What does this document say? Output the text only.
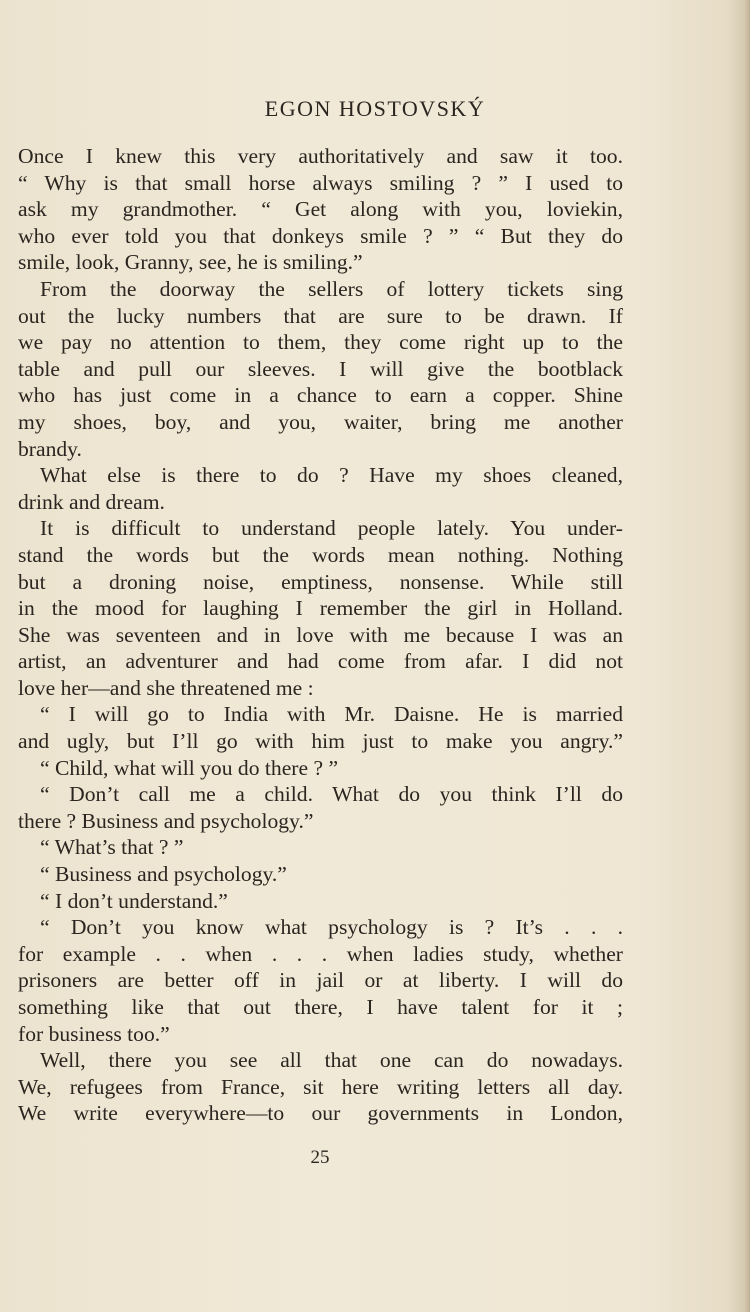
EGON HOSTOVSKÝ
Once I knew this very authoritatively and saw it too.
“ Why is that small horse always smiling ? ” I used to
ask my grandmother. “ Get along with you, loviekin,
who ever told you that donkeys smile ? ” “ But they do
smile, look, Granny, see, he is smiling.”
From the doorway the sellers of lottery tickets sing
out the lucky numbers that are sure to be drawn. If
we pay no attention to them, they come right up to the
table and pull our sleeves. I will give the bootblack
who has just come in a chance to earn a copper. Shine
my shoes, boy, and you, waiter, bring me another
brandy.
What else is there to do ? Have my shoes cleaned,
drink and dream.
It is difficult to understand people lately. You under-
stand the words but the words mean nothing. Nothing
but a droning noise, emptiness, nonsense. While still
in the mood for laughing I remember the girl in Holland.
She was seventeen and in love with me because I was an
artist, an adventurer and had come from afar. I did not
love her—and she threatened me :
“ I will go to India with Mr. Daisne. He is married
and ugly, but I’ll go with him just to make you angry.”
“ Child, what will you do there ? ”
“ Don’t call me a child. What do you think I’ll do
there ? Business and psychology.”
“ What’s that ? ”
“ Business and psychology.”
“ I don’t understand.”
“ Don’t you know what psychology is ? It’s . . .
for example . . when . . . when ladies study, whether
prisoners are better off in jail or at liberty. I will do
something like that out there, I have talent for it ;
for business too.”
Well, there you see all that one can do nowadays.
We, refugees from France, sit here writing letters all day.
We write everywhere—to our governments in London,
25
